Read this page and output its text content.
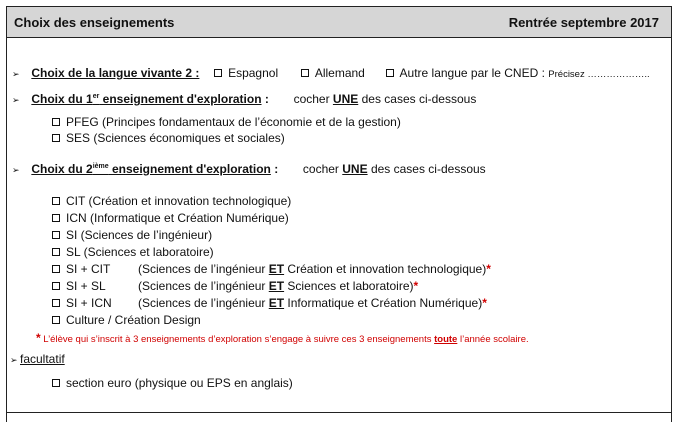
Choix des enseignements	Rentrée septembre 2017
➢ Choix de la langue vivante 2 : Espagnol	Allemand	Autre langue par le CNED : Précisez ………………..
➢ Choix du 1er enseignement d'exploration : cocher UNE des cases ci-dessous
PFEG (Principes fondamentaux de l’économie et de la gestion)
SES (Sciences économiques et sociales)
➢ Choix du 2ième enseignement d'exploration : cocher UNE des cases ci-dessous
CIT (Création et innovation technologique)
ICN (Informatique et Création Numérique)
SI (Sciences de l’ingénieur)
SL (Sciences et laboratoire)
SI + CIT (Sciences de l’ingénieur ET Création et innovation technologique)*
SI + SL	(Sciences de l’ingénieur ET Sciences et laboratoire)*
SI + ICN (Sciences de l’ingénieur ET Informatique et Création Numérique)*
Culture / Création Design
* L’élève qui s’inscrit à 3 enseignements d’exploration s’engage à suivre ces 3 enseignements toute l’année scolaire.
➢ facultatif
section euro (physique ou EPS en anglais)
